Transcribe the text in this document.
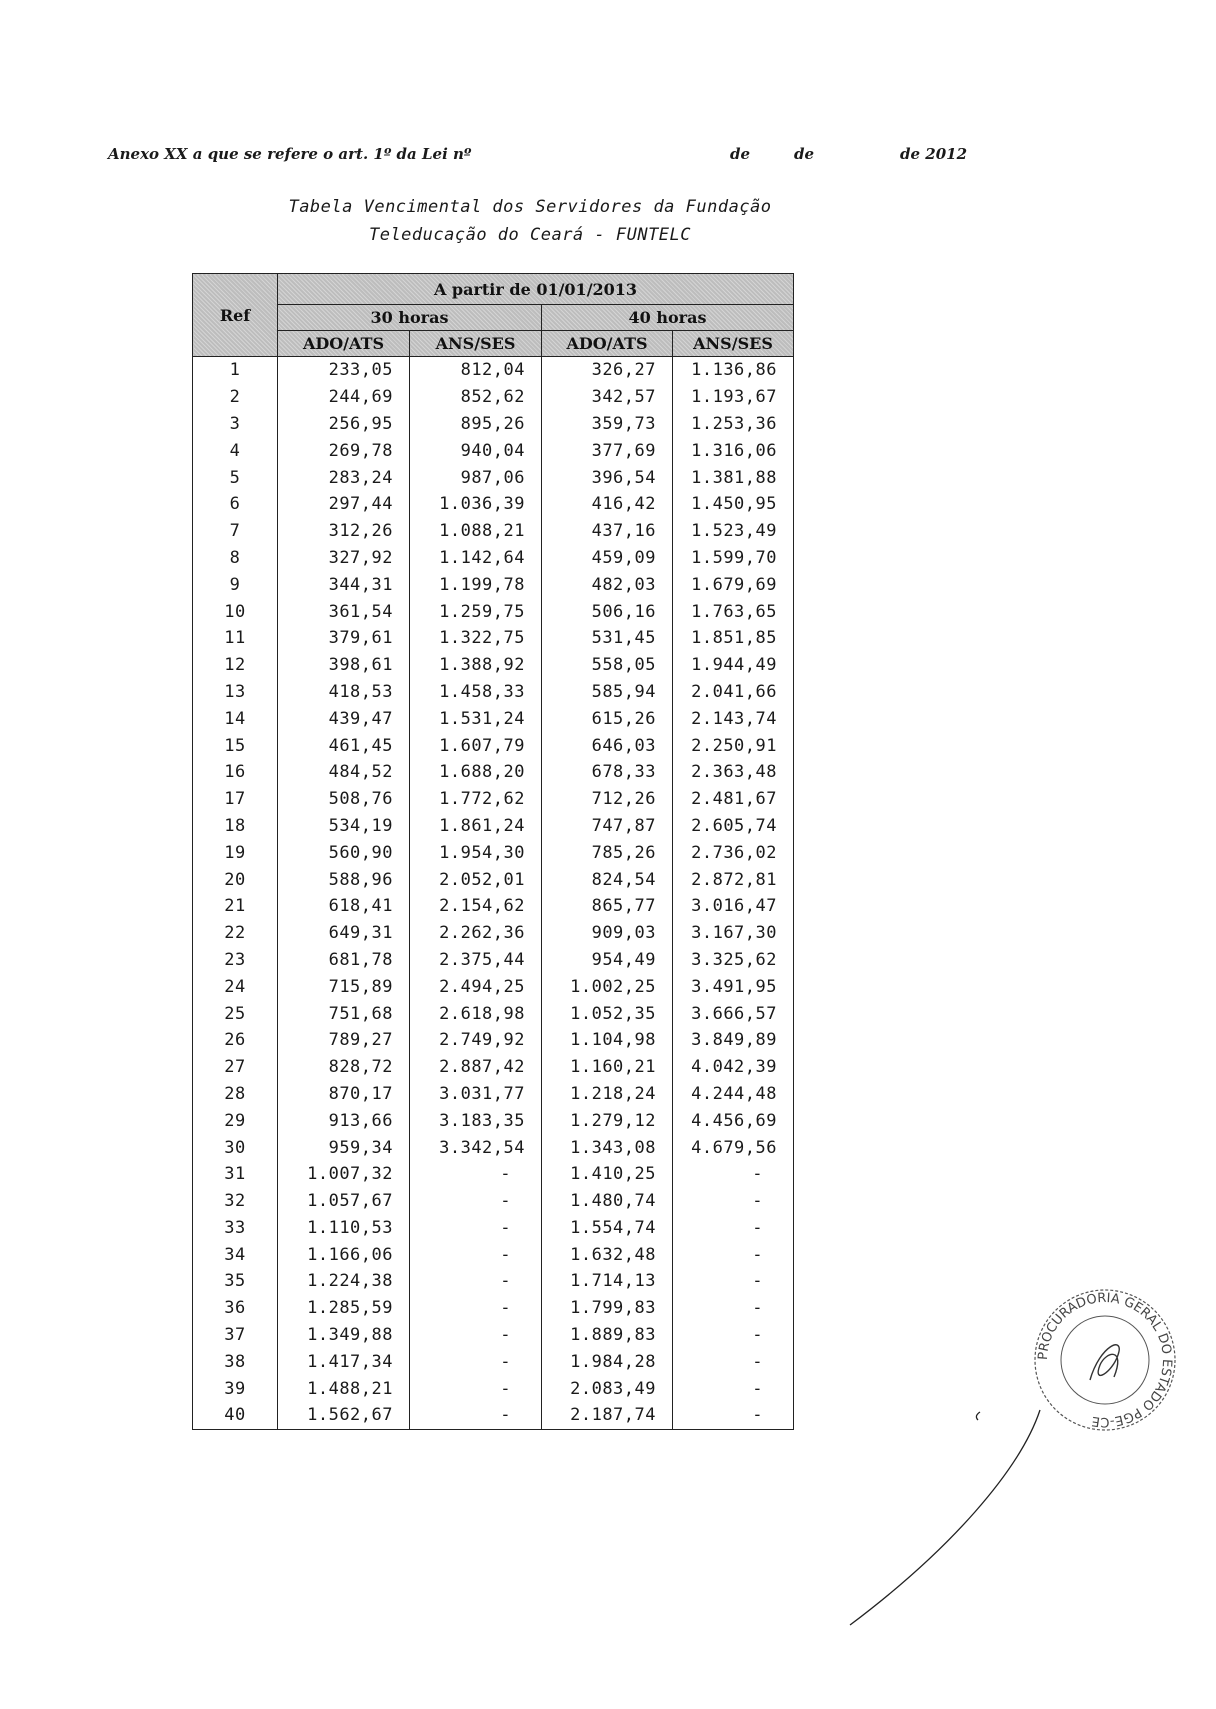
Anexo XX a que se refere o art. 1º da Lei nº	de	de	de 2012
Tabela Vencimental dos Servidores da Fundação
Teleducação do Ceará - FUNTELC
Ref	A partir de 01/01/2013			
	30 horas		40 horas	
	ADO/ATS	ANS/SES	ADO/ATS	ANS/SES
1	233,05	812,04	326,27	1.136,86
2	244,69	852,62	342,57	1.193,67
3	256,95	895,26	359,73	1.253,36
4	269,78	940,04	377,69	1.316,06
5	283,24	987,06	396,54	1.381,88
6	297,44	1.036,39	416,42	1.450,95
7	312,26	1.088,21	437,16	1.523,49
8	327,92	1.142,64	459,09	1.599,70
9	344,31	1.199,78	482,03	1.679,69
10	361,54	1.259,75	506,16	1.763,65
11	379,61	1.322,75	531,45	1.851,85
12	398,61	1.388,92	558,05	1.944,49
13	418,53	1.458,33	585,94	2.041,66
14	439,47	1.531,24	615,26	2.143,74
15	461,45	1.607,79	646,03	2.250,91
16	484,52	1.688,20	678,33	2.363,48
17	508,76	1.772,62	712,26	2.481,67
18	534,19	1.861,24	747,87	2.605,74
19	560,90	1.954,30	785,26	2.736,02
20	588,96	2.052,01	824,54	2.872,81
21	618,41	2.154,62	865,77	3.016,47
22	649,31	2.262,36	909,03	3.167,30
23	681,78	2.375,44	954,49	3.325,62
24	715,89	2.494,25	1.002,25	3.491,95
25	751,68	2.618,98	1.052,35	3.666,57
26	789,27	2.749,92	1.104,98	3.849,89
27	828,72	2.887,42	1.160,21	4.042,39
28	870,17	3.031,77	1.218,24	4.244,48
29	913,66	3.183,35	1.279,12	4.456,69
30	959,34	3.342,54	1.343,08	4.679,56
31	1.007,32	-	1.410,25	-
32	1.057,67	-	1.480,74	-
33	1.110,53	-	1.554,74	-
34	1.166,06	-	1.632,48	-
35	1.224,38	-	1.714,13	-
36	1.285,59	-	1.799,83	-
37	1.349,88	-	1.889,83	-
38	1.417,34	-	1.984,28	-
39	1.488,21	-	2.083,49	-
40	1.562,67	-	2.187,74	-
PROCURADORIA GERAL DO ESTADO PGE-CE
